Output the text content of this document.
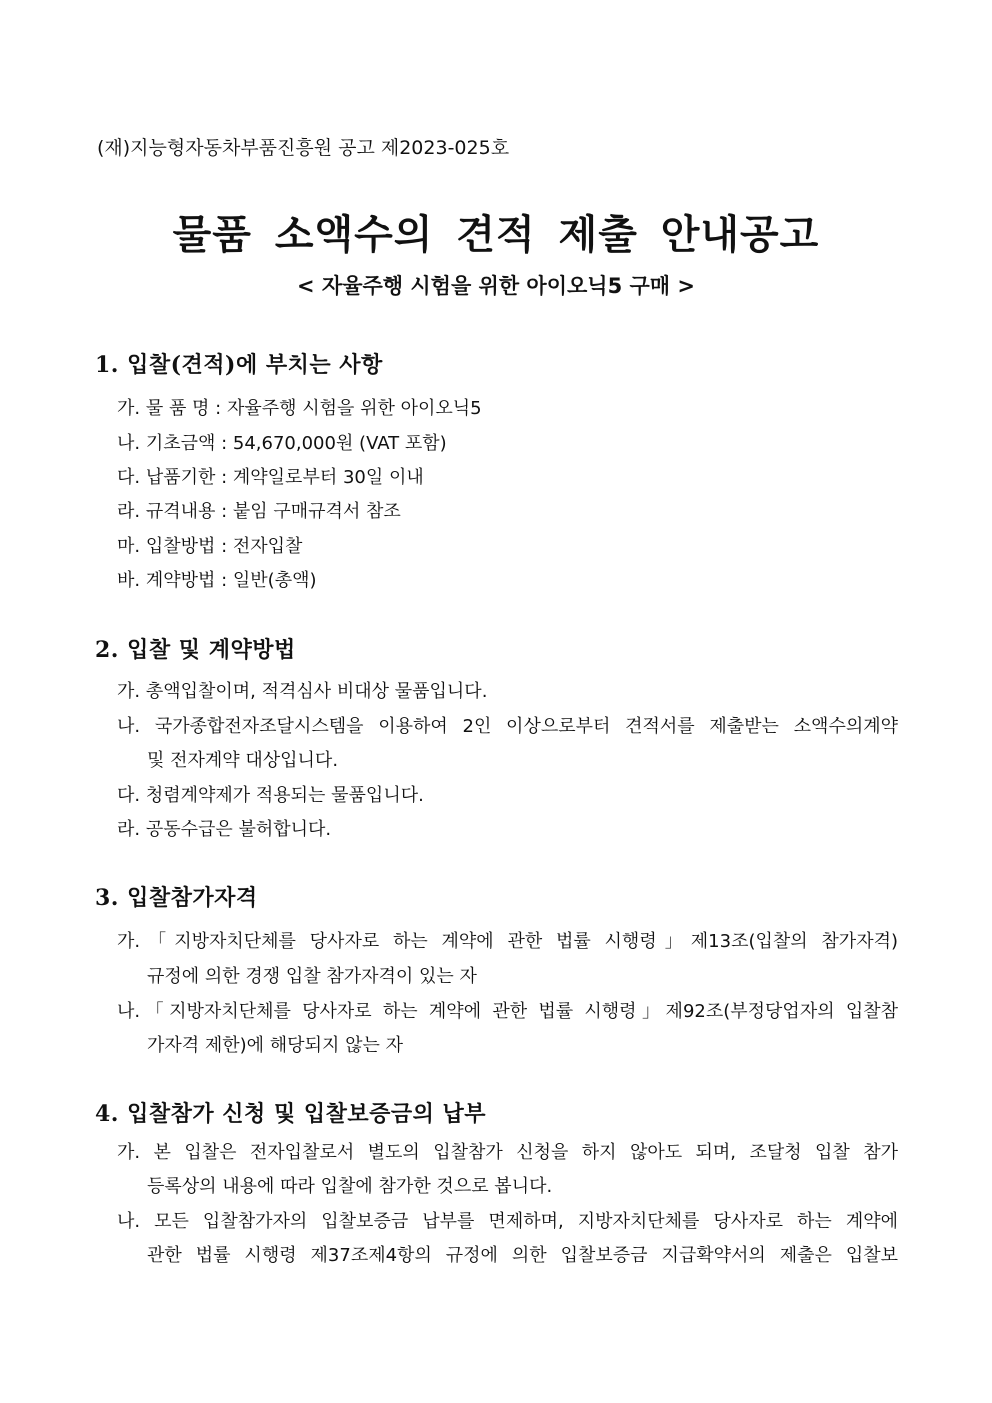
(재)지능형자동차부품진흥원 공고 제2023-025호
물품 소액수의 견적 제출 안내공고
< 자율주행 시험을 위한 아이오닉5 구매 >
1. 입찰(견적)에 부치는 사항
가. 물 품 명 : 자율주행 시험을 위한 아이오닉5
나. 기초금액 : 54,670,000원 (VAT 포함)
다. 납품기한 : 계약일로부터 30일 이내
라. 규격내용 : 붙임 구매규격서 참조
마. 입찰방법 : 전자입찰
바. 계약방법 : 일반(총액)
2. 입찰 및 계약방법
가. 총액입찰이며, 적격심사 비대상 물품입니다.
나. 국가종합전자조달시스템을 이용하여 2인 이상으로부터 견적서를 제출받는 소액수의계약
및 전자계약 대상입니다.
다. 청렴계약제가 적용되는 물품입니다.
라. 공동수급은 불허합니다.
3. 입찰참가자격
가.「지방자치단체를 당사자로 하는 계약에 관한 법률 시행령」제13조(입찰의 참가자격)
규정에 의한 경쟁 입찰 참가자격이 있는 자
나.「지방자치단체를 당사자로 하는 계약에 관한 법률 시행령」제92조(부정당업자의 입찰참
가자격 제한)에 해당되지 않는 자
4. 입찰참가 신청 및 입찰보증금의 납부
가. 본 입찰은 전자입찰로서 별도의 입찰참가 신청을 하지 않아도 되며, 조달청 입찰 참가
등록상의 내용에 따라 입찰에 참가한 것으로 봅니다.
나. 모든 입찰참가자의 입찰보증금 납부를 면제하며, 지방자치단체를 당사자로 하는 계약에
관한 법률 시행령 제37조제4항의 규정에 의한 입찰보증금 지급확약서의 제출은 입찰보
